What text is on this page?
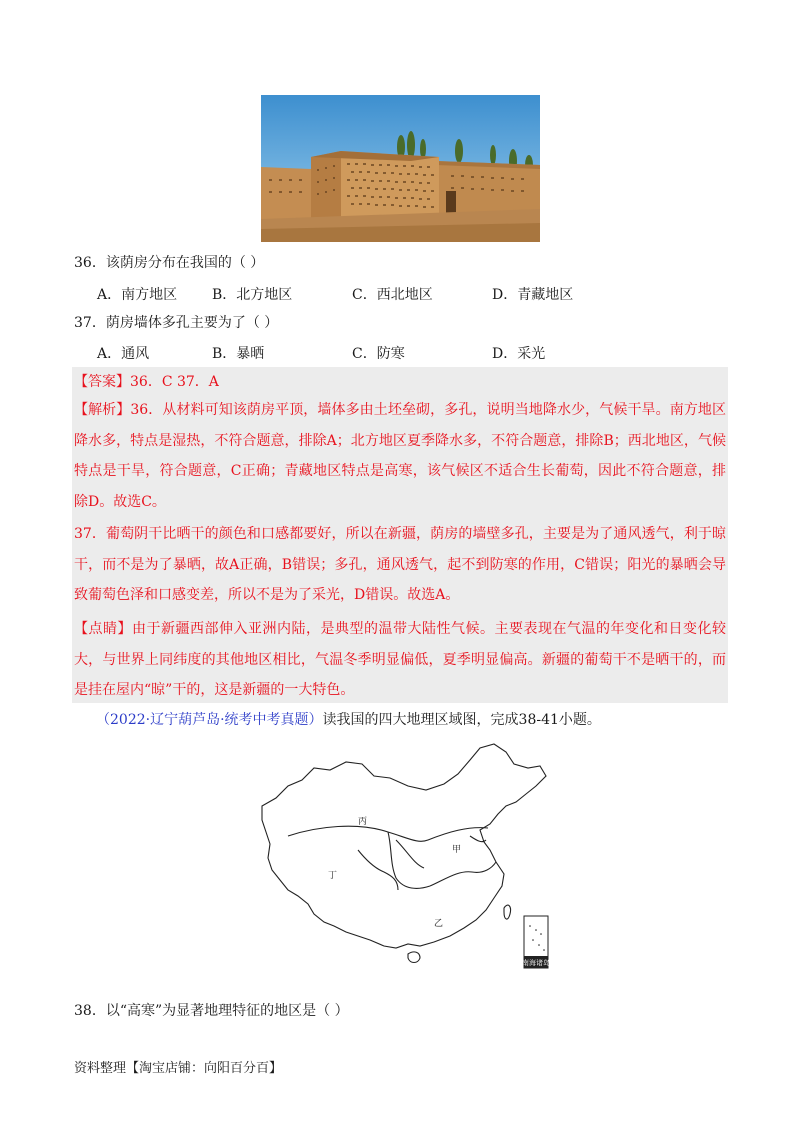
36．该荫房分布在我国的（ ）
A．南方地区 B．北方地区	C．西北地区	D．青藏地区
37．荫房墙体多孔主要为了（ ）
A．通风	B．暴晒	C．防寒	D．采光
【答案】36．C 37．A
【解析】36．从材料可知该荫房平顶，墙体多由土坯垒砌，多孔，说明当地降水少，气候干旱。南方地区降水多，特点是湿热，不符合题意，排除A；北方地区夏季降水多，不符合题意，排除B；西北地区，气候特点是干旱，符合题意，C正确；青藏地区特点是高寒，该气候区不适合生长葡萄，因此不符合题意，排除D。故选C。
37．葡萄阴干比晒干的颜色和口感都要好，所以在新疆，荫房的墙壁多孔，主要是为了通风透气，利于晾干，而不是为了暴晒，故A正确，B错误；多孔，通风透气，起不到防寒的作用，C错误；阳光的暴晒会导致葡萄色泽和口感变差，所以不是为了采光，D错误。故选A。
【点睛】由于新疆西部伸入亚洲内陆，是典型的温带大陆性气候。主要表现在气温的年变化和日变化较大，与世界上同纬度的其他地区相比，气温冬季明显偏低，夏季明显偏高。新疆的葡萄干不是晒干的，而是挂在屋内“晾”干的，这是新疆的一大特色。
（2022·辽宁葫芦岛·统考中考真题）读我国的四大地理区域图，完成38-41小题。
南海诸岛
丙
甲
丁
乙
38．以“高寒”为显著地理特征的地区是（ ）
资料整理【淘宝店铺：向阳百分百】
